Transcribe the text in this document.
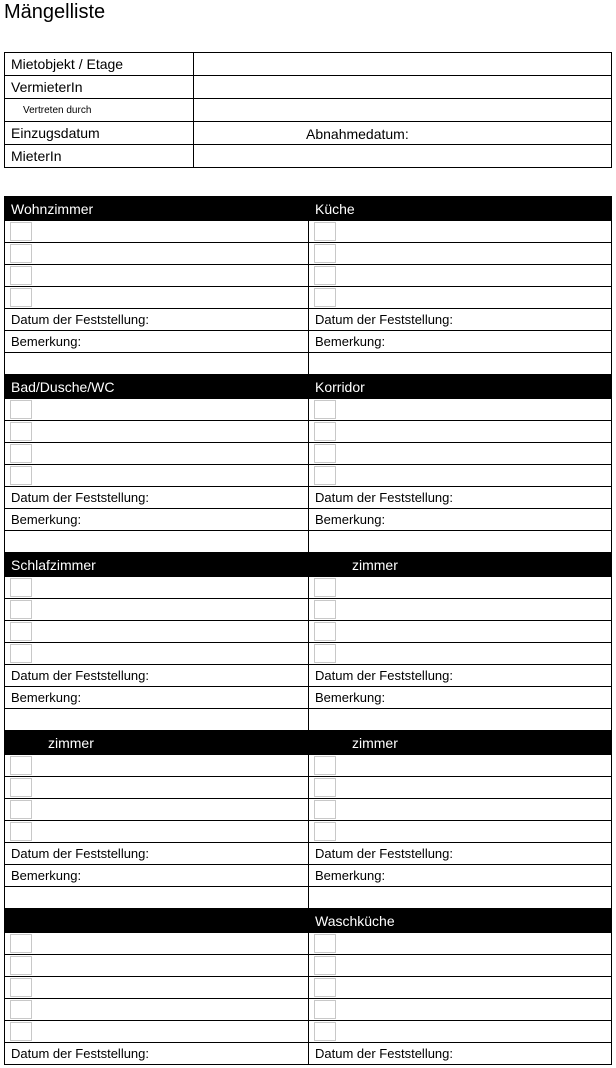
Mängelliste
Mietobjekt / Etage	
VermieterIn	
Vertreten durch	
Einzugsdatum	Abnahmedatum:

MieterIn	
Wohnzimmer	Küche

Datum der Feststellung:	Datum der Feststellung:
Bemerkung:	Bemerkung:

Bad/Dusche/WC	Korridor

Datum der Feststellung:	Datum der Feststellung:
Bemerkung:	Bemerkung:

Schlafzimmer	zimmer

Datum der Feststellung:	Datum der Feststellung:
Bemerkung:	Bemerkung:

zimmer	zimmer

Datum der Feststellung:	Datum der Feststellung:
Bemerkung:	Bemerkung:

	Waschküche

Datum der Feststellung:	Datum der Feststellung:
